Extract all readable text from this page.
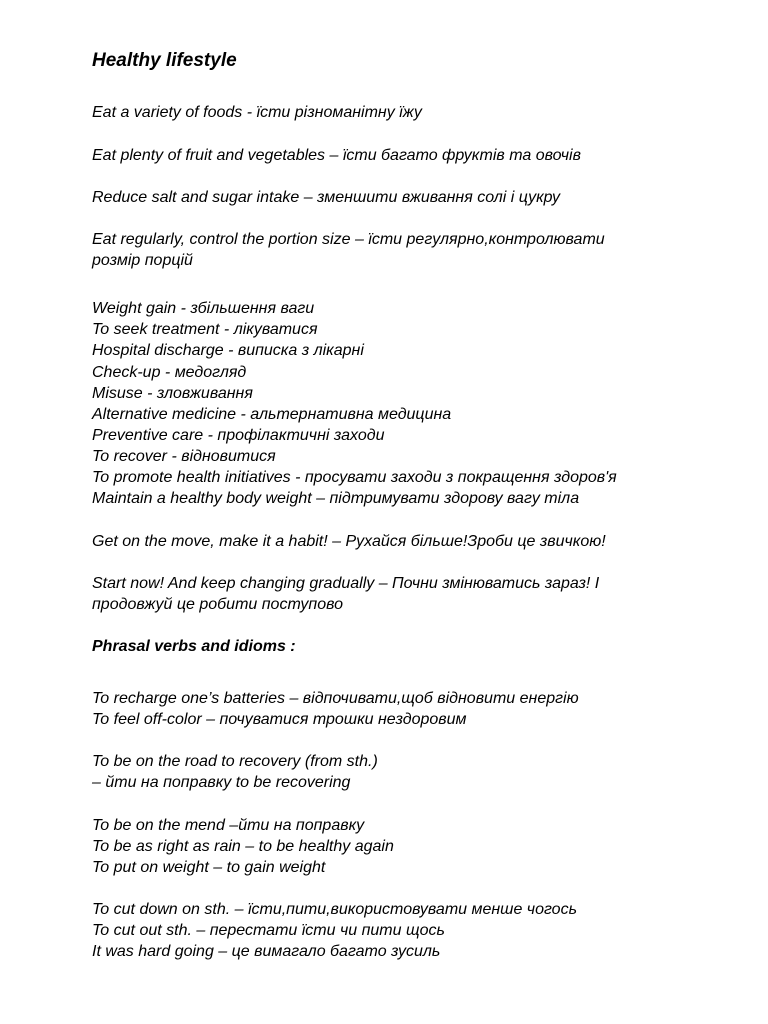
Healthy lifestyle

Eat a variety of foods - їсти різноманітну їжу

Eat plenty of fruit and vegetables – їсти багато фруктів та овочів

Reduce salt and sugar intake – зменшити вживання солі і цукру

Eat regularly, control the portion size – їсти регулярно,контролювати

розмір порцій

Weight gain - збільшення ваги

To seek treatment - лікуватися

Hospital discharge - виписка з лікарні

Check-up - медогляд

Misuse - зловживання

Alternative medicine - альтернативна медицина

Preventive care - профілактичні заходи

To recover - відновитися

To promote health initiatives - просувати заходи з покращення здоров'я

Maintain a healthy body weight – підтримувати здорову вагу тіла

Get on the move, make it a habit! – Рухайся більше!Зроби це звичкою!

Start now! And keep changing gradually – Почни змінюватись зараз! І

продовжуй це робити поступово

Phrasal verbs and idioms :

To recharge one’s batteries – відпочивати,щоб відновити енергію

To feel off-color – почуватися трошки нездоровим

To be on the road to recovery (from sth.)

– йти на поправку to be recovering

To be on the mend –йти на поправку

To be as right as rain – to be healthy again

To put on weight – to gain weight

To cut down on sth. – їсти,пити,використовувати менше чогось

To cut out sth. – перестати їсти чи пити щось

It was hard going – це вимагало багато зусиль
